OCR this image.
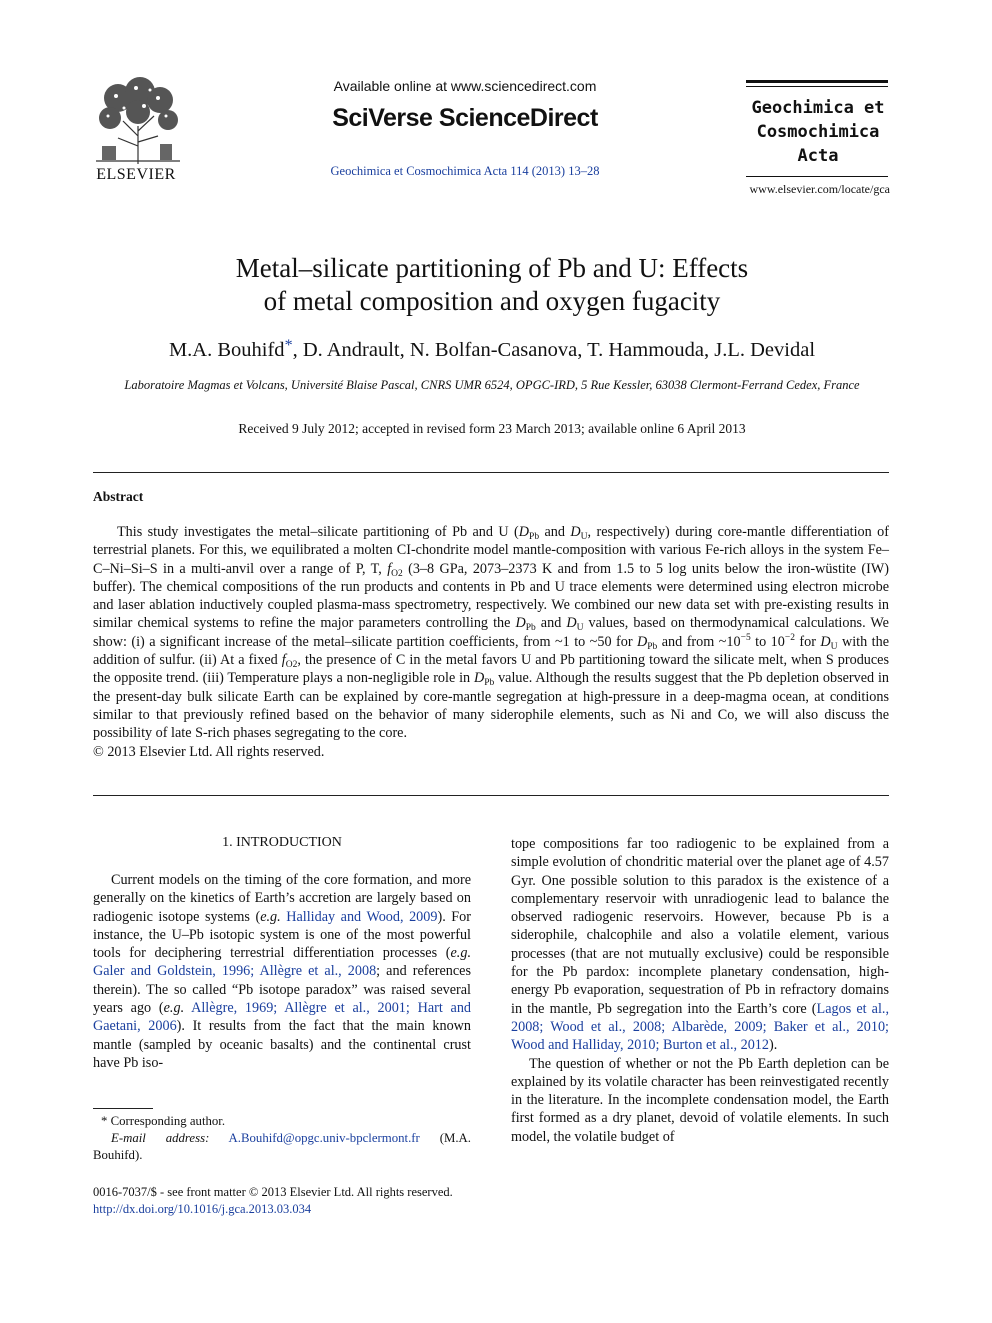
ELSEVIER
Available online at www.sciencedirect.com
SciVerse ScienceDirect
Geochimica et Cosmochimica Acta 114 (2013) 13–28
Geochimica et
Cosmochimica
Acta
www.elsevier.com/locate/gca
Metal–silicate partitioning of Pb and U: Effects
of metal composition and oxygen fugacity
M.A. Bouhifd*, D. Andrault, N. Bolfan-Casanova, T. Hammouda, J.L. Devidal
Laboratoire Magmas et Volcans, Université Blaise Pascal, CNRS UMR 6524, OPGC-IRD, 5 Rue Kessler, 63038 Clermont-Ferrand Cedex, France
Received 9 July 2012; accepted in revised form 23 March 2013; available online 6 April 2013
Abstract

This study investigates the metal–silicate partitioning of Pb and U ($D_{Pb}$ and $D_U$, respectively) during core-mantle differentiation of terrestrial planets. For this, we equilibrated a molten CI-chondrite model mantle-composition with various Fe-rich alloys in the system Fe–C–Ni–Si–S in a multi-anvil over a range of P, T, $f_{O2}$ (3–8 GPa, 2073–2373 K and from 1.5 to 5 log units below the iron-wüstite (IW) buffer). The chemical compositions of the run products and contents in Pb and U trace elements were determined using electron microbe and laser ablation inductively coupled plasma-mass spectrometry, respectively. We combined our new data set with pre-existing results in similar chemical systems to refine the major parameters controlling the $D_{Pb}$ and $D_U$ values, based on thermodynamical calculations. We show: (i) a significant increase of the metal–silicate partition coefficients, from ~1 to ~50 for $D_{Pb}$ and from $\sim 10^{-5}$ to $10^{-2}$ for $D_U$ with the addition of sulfur. (ii) At a fixed $f_{O2}$, the presence of C in the metal favors U and Pb partitioning toward the silicate melt, when S produces the opposite trend. (iii) Temperature plays a non-negligible role in $D_{Pb}$ value. Although the results suggest that the Pb depletion observed in the present-day bulk silicate Earth can be explained by core-mantle segregation at high-pressure in a deep-magma ocean, at conditions similar to that previously refined based on the behavior of many siderophile elements, such as Ni and Co, we will also discuss the possibility of late S-rich phases segregating to the core.

© 2013 Elsevier Ltd. All rights reserved.

1. INTRODUCTION

Current models on the timing of the core formation, and more generally on the kinetics of Earth’s accretion are largely based on radiogenic isotope systems (e.g. Halliday and Wood, 2009). For instance, the U–Pb isotopic system is one of the most powerful tools for deciphering terrestrial differentiation processes (e.g. Galer and Goldstein, 1996; Allègre et al., 2008; and references therein). The so called “Pb isotope paradox” was raised several years ago (e.g. Allègre, 1969; Allègre et al., 2001; Hart and Gaetani, 2006). It results from the fact that the main known mantle (sampled by oceanic basalts) and the continental crust have Pb iso-

tope compositions far too radiogenic to be explained from a simple evolution of chondritic material over the planet age of 4.57 Gyr. One possible solution to this paradox is the existence of a complementary reservoir with unradiogenic lead to balance the observed radiogenic reservoirs. However, because Pb is a siderophile, chalcophile and also a volatile element, various processes (that are not mutually exclusive) could be responsible for the Pb pardox: incomplete planetary condensation, high-energy Pb evaporation, sequestration of Pb in refractory domains in the mantle, Pb segregation into the Earth’s core (Lagos et al., 2008; Wood et al., 2008; Albarède, 2009; Baker et al., 2010; Wood and Halliday, 2010; Burton et al., 2012).

The question of whether or not the Pb Earth depletion can be explained by its volatile character has been reinvestigated recently in the literature. In the incomplete condensation model, the Earth first formed as a dry planet, devoid of volatile elements. In such model, the volatile budget of

* Corresponding author.
E-mail address: A.Bouhifd@opgc.univ-bpclermont.fr (M.A. Bouhifd).
0016-7037/$ - see front matter © 2013 Elsevier Ltd. All rights reserved.
http://dx.doi.org/10.1016/j.gca.2013.03.034
